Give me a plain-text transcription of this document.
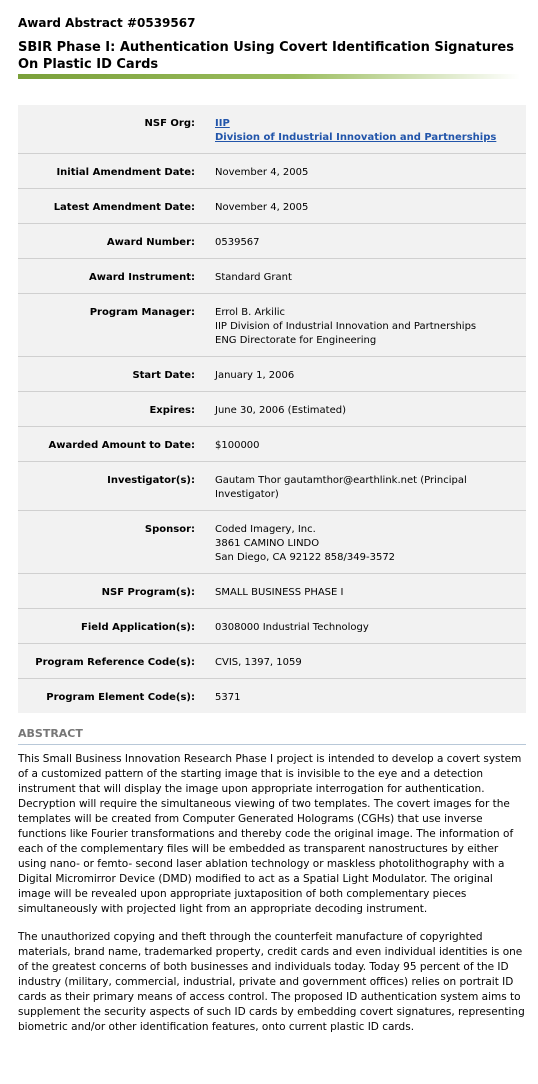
Award Abstract #0539567
SBIR Phase I: Authentication Using Covert Identification Signatures On Plastic ID Cards
NSF Org:	IIP
Division of Industrial Innovation and Partnerships

Initial Amendment Date:	November 4, 2005

Latest Amendment Date:	November 4, 2005

Award Number:	0539567

Award Instrument:	Standard Grant

Program Manager:	Errol B. Arkilic
IIP Division of Industrial Innovation and Partnerships
ENG Directorate for Engineering

Start Date:	January 1, 2006

Expires:	June 30, 2006 (Estimated)

Awarded Amount to Date:	$100000

Investigator(s):	Gautam Thor gautamthor@earthlink.net (Principal Investigator)

Sponsor:	Coded Imagery, Inc.
3861 CAMINO LINDO
San Diego, CA 92122 858/349-3572

NSF Program(s):	SMALL BUSINESS PHASE I

Field Application(s):	0308000 Industrial Technology

Program Reference Code(s):	CVIS, 1397, 1059

Program Element Code(s):	5371
ABSTRACT

This Small Business Innovation Research Phase I project is intended to develop a covert system of a customized pattern of the starting image that is invisible to the eye and a detection instrument that will display the image upon appropriate interrogation for authentication. Decryption will require the simultaneous viewing of two templates. The covert images for the templates will be created from Computer Generated Holograms (CGHs) that use inverse functions like Fourier transformations and thereby code the original image. The information of each of the complementary files will be embedded as transparent nanostructures by either using nano- or femto- second laser ablation technology or maskless photolithography with a Digital Micromirror Device (DMD) modified to act as a Spatial Light Modulator. The original image will be revealed upon appropriate juxtaposition of both complementary pieces simultaneously with projected light from an appropriate decoding instrument.

The unauthorized copying and theft through the counterfeit manufacture of copyrighted materials, brand name, trademarked property, credit cards and even individual identities is one of the greatest concerns of both businesses and individuals today. Today 95 percent of the ID industry (military, commercial, industrial, private and government offices) relies on portrait ID cards as their primary means of access control. The proposed ID authentication system aims to supplement the security aspects of such ID cards by embedding covert signatures, representing biometric and/or other identification features, onto current plastic ID cards.
